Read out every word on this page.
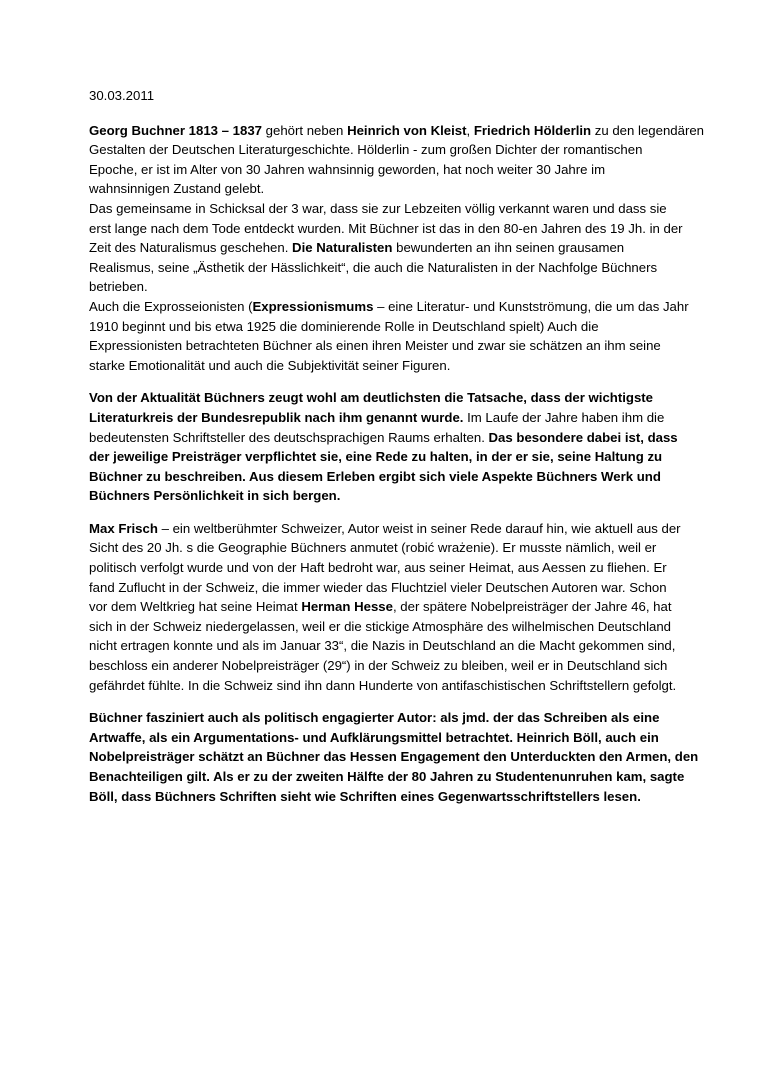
30.03.2011
Georg Buchner 1813 – 1837 gehört neben Heinrich von Kleist, Friedrich Hölderlin zu den legendären
Gestalten der Deutschen Literaturgeschichte. Hölderlin - zum großen Dichter der romantischen
Epoche, er ist im Alter von 30 Jahren wahnsinnig geworden, hat noch weiter 30 Jahre im
wahnsinnigen Zustand gelebt.
Das gemeinsame in Schicksal der 3 war, dass sie zur Lebzeiten völlig verkannt waren und dass sie
erst lange nach dem Tode entdeckt wurden. Mit Büchner ist das in den 80-en Jahren des 19 Jh. in der
Zeit des Naturalismus geschehen. Die Naturalisten bewunderten an ihn seinen grausamen
Realismus, seine „Ästhetik der Hässlichkeit“, die auch die Naturalisten in der Nachfolge Büchners
betrieben.
Auch die Exprosseionisten (Expressionismums – eine Literatur- und Kunstströmung, die um das Jahr
1910 beginnt und bis etwa 1925 die dominierende Rolle in Deutschland spielt) Auch die
Expressionisten betrachteten Büchner als einen ihren Meister und zwar sie schätzen an ihm seine
starke Emotionalität und auch die Subjektivität seiner Figuren.
Von der Aktualität Büchners zeugt wohl am deutlichsten die Tatsache, dass der wichtigste
Literaturkreis der Bundesrepublik nach ihm genannt wurde. Im Laufe der Jahre haben ihm die
bedeutensten Schriftsteller des deutschsprachigen Raums erhalten. Das besondere dabei ist, dass
der jeweilige Preisträger verpflichtet sie, eine Rede zu halten, in der er sie, seine Haltung zu
Büchner zu beschreiben. Aus diesem Erleben ergibt sich viele Aspekte Büchners Werk und
Büchners Persönlichkeit in sich bergen.
Max Frisch – ein weltberühmter Schweizer, Autor weist in seiner Rede darauf hin, wie aktuell aus der
Sicht des 20 Jh. s die Geographie Büchners anmutet (robić wrażenie). Er musste nämlich, weil er
politisch verfolgt wurde und von der Haft bedroht war, aus seiner Heimat, aus Aessen zu fliehen. Er
fand Zuflucht in der Schweiz, die immer wieder das Fluchtziel vieler Deutschen Autoren war. Schon
vor dem Weltkrieg hat seine Heimat Herman Hesse, der spätere Nobelpreisträger der Jahre 46, hat
sich in der Schweiz niedergelassen, weil er die stickige Atmosphäre des wilhelmischen Deutschland
nicht ertragen konnte und als im Januar 33“, die Nazis in Deutschland an die Macht gekommen sind,
beschloss ein anderer Nobelpreisträger (29“) in der Schweiz zu bleiben, weil er in Deutschland sich
gefährdet fühlte. In die Schweiz sind ihn dann Hunderte von antifaschistischen Schriftstellern gefolgt.
Büchner fasziniert auch als politisch engagierter Autor: als jmd. der das Schreiben als eine
Artwaffe, als ein Argumentations- und Aufklärungsmittel betrachtet. Heinrich Böll, auch ein
Nobelpreisträger schätzt an Büchner das Hessen Engagement den Unterduckten den Armen, den
Benachteiligen gilt. Als er zu der zweiten Hälfte der 80 Jahren zu Studentenunruhen kam, sagte
Böll, dass Büchners Schriften sieht wie Schriften eines Gegenwartsschriftstellers lesen.
